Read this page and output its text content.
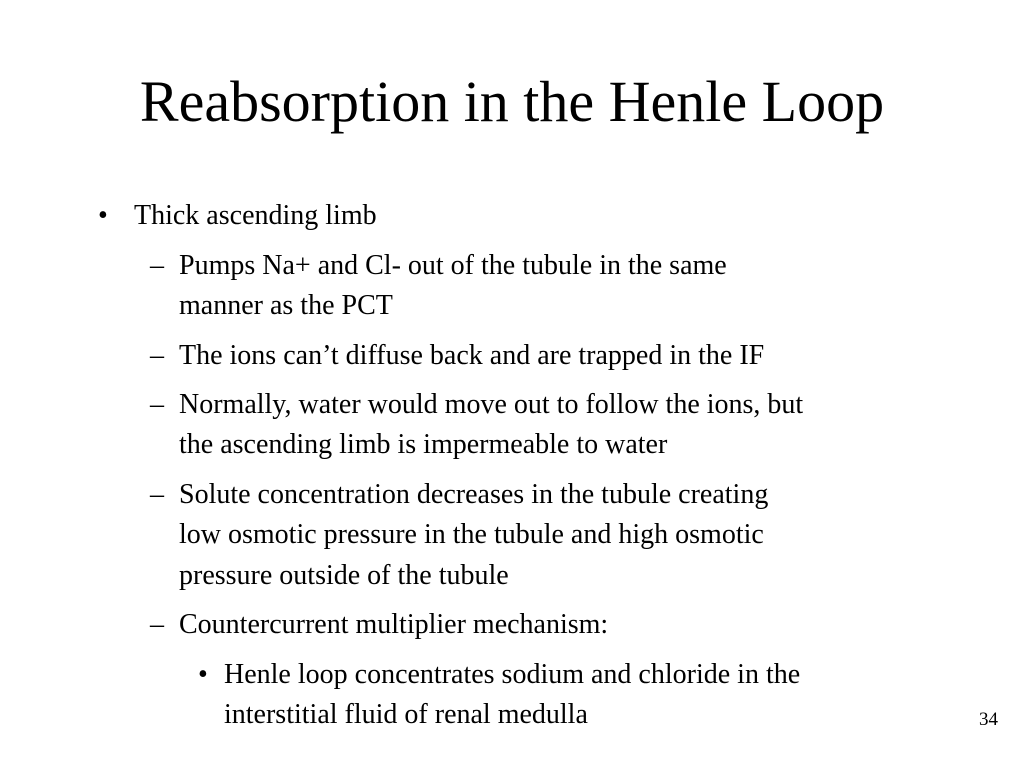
Reabsorption in the Henle Loop
• Thick ascending limb
– Pumps Na+ and Cl- out of the tubule in the same
manner as the PCT
– The ions can’t diffuse back and are trapped in the IF
– Normally, water would move out to follow the ions, but
the ascending limb is impermeable to water
– Solute concentration decreases in the tubule creating
low osmotic pressure in the tubule and high osmotic
pressure outside of the tubule
– Countercurrent multiplier mechanism:
• Henle loop concentrates sodium and chloride in the
interstitial fluid of renal medulla	34
